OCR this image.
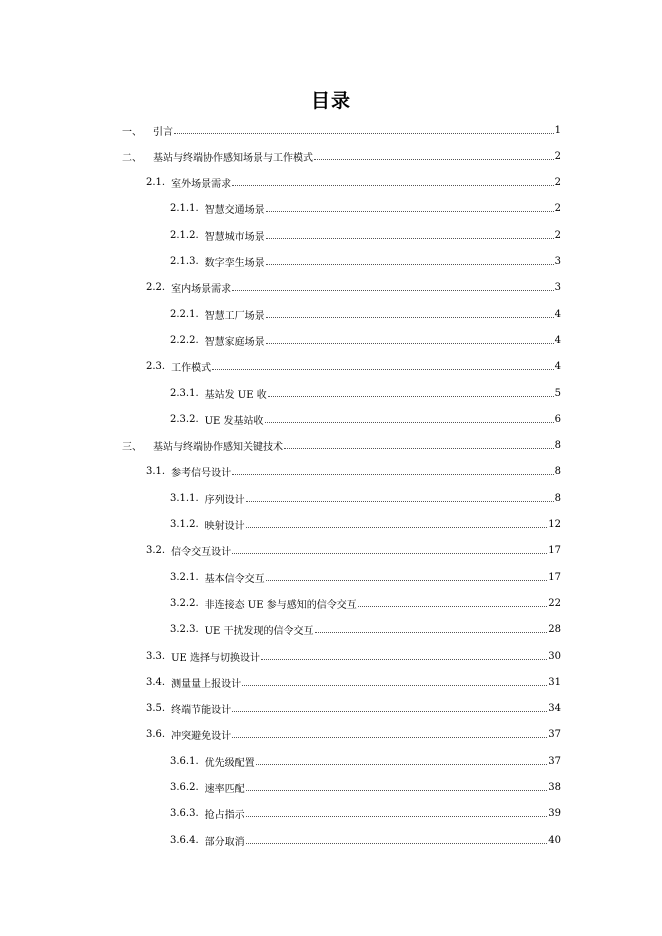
目录
一、	引言	1
二、	基站与终端协作感知场景与工作模式	2
2.1. 室外场景需求	2
2.1.1. 智慧交通场景	2
2.1.2. 智慧城市场景	2
2.1.3. 数字孪生场景	3
2.2. 室内场景需求	3
2.2.1. 智慧工厂场景	4
2.2.2. 智慧家庭场景	4
2.3. 工作模式	4
2.3.1. 基站发 UE 收	5
2.3.2. UE 发基站收	6
三、	基站与终端协作感知关键技术	8
3.1. 参考信号设计	8
3.1.1. 序列设计	8
3.1.2. 映射设计	12
3.2. 信令交互设计	17
3.2.1. 基本信令交互	17
3.2.2. 非连接态 UE 参与感知的信令交互	22
3.2.3. UE 干扰发现的信令交互	28
3.3. UE 选择与切换设计	30
3.4. 测量量上报设计	31
3.5. 终端节能设计	34
3.6. 冲突避免设计	37
3.6.1. 优先级配置	37
3.6.2. 速率匹配	38
3.6.3. 抢占指示	39
3.6.4. 部分取消	40
